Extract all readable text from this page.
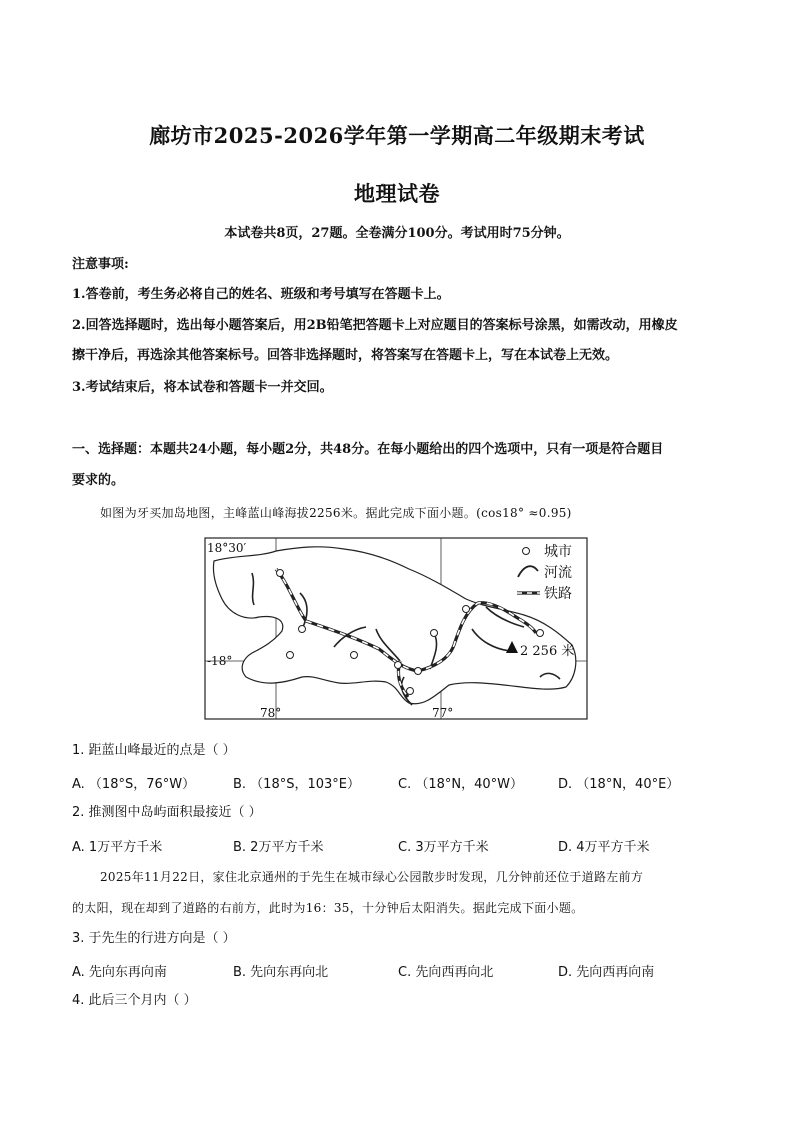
廊坊市2025-2026学年第一学期高二年级期末考试
地理试卷
本试卷共8页，27题。全卷满分100分。考试用时75分钟。
注意事项:
1.答卷前，考生务必将自己的姓名、班级和考号填写在答题卡上。
2.回答选择题时，选出每小题答案后，用2B铅笔把答题卡上对应题目的答案标号涂黑，如需改动，用橡皮
擦干净后，再选涂其他答案标号。回答非选择题时，将答案写在答题卡上，写在本试卷上无效。
3.考试结束后，将本试卷和答题卡一并交回。
一、选择题：本题共24小题，每小题2分，共48分。在每小题给出的四个选项中，只有一项是符合题目
要求的。
如图为牙买加岛地图，主峰蓝山峰海拔2256米。据此完成下面小题。(cos18° ≈0.95)
2 256 米
18°30′
-18°
78°	77°
城市
河流
铁路
1. 距蓝山峰最近的点是（ ）
A. （18°S，76°W）	B. （18°S，103°E）	C. （18°N，40°W）	D. （18°N，40°E）
2. 推测图中岛屿面积最接近（ ）
A. 1万平方千米	B. 2万平方千米	C. 3万平方千米	D. 4万平方千米
2025年11月22日，家住北京通州的于先生在城市绿心公园散步时发现，几分钟前还位于道路左前方
的太阳，现在却到了道路的右前方，此时为16：35，十分钟后太阳消失。据此完成下面小题。
3. 于先生的行进方向是（ ）
A. 先向东再向南	B. 先向东再向北	C. 先向西再向北	D. 先向西再向南
4. 此后三个月内（ ）
